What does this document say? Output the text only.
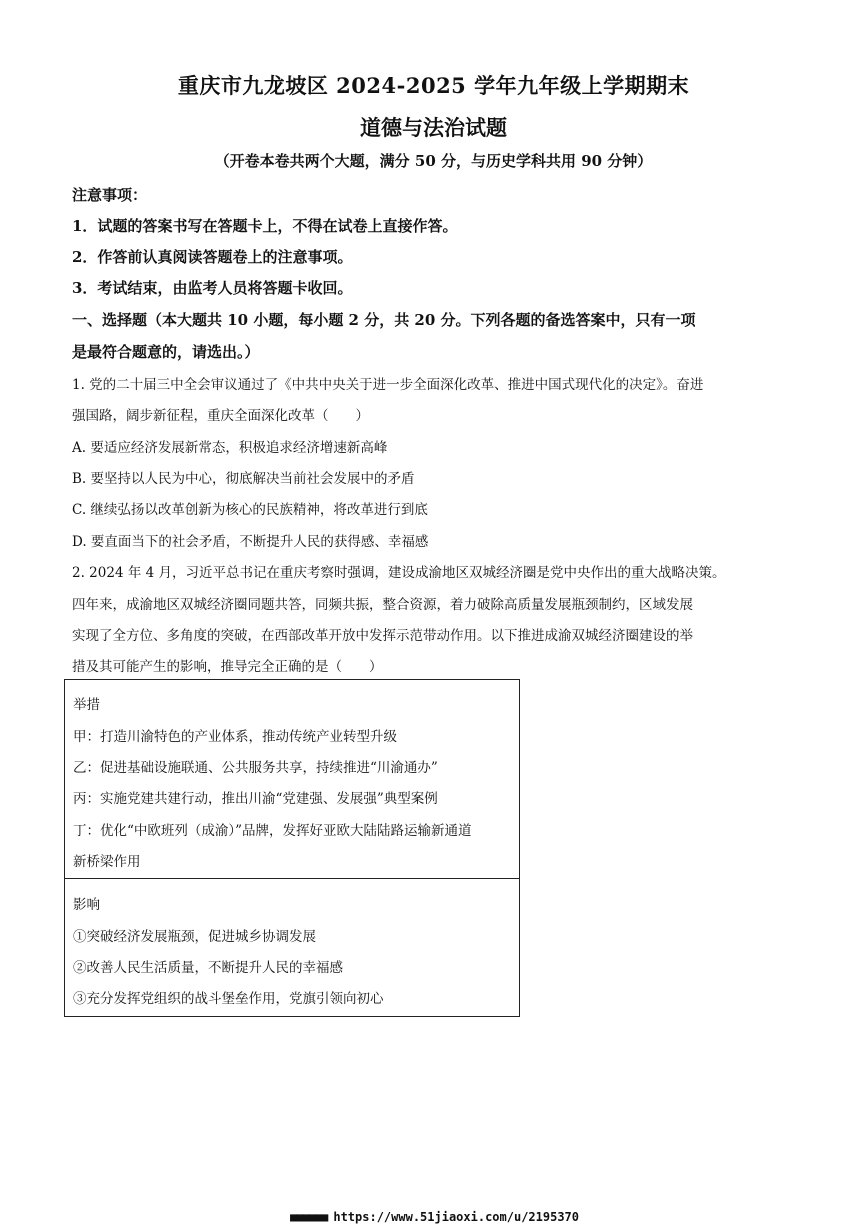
重庆市九龙坡区 2024-2025 学年九年级上学期期末
道德与法治试题
（开卷本卷共两个大题，满分 50 分，与历史学科共用 90 分钟）
注意事项：
1．试题的答案书写在答题卡上，不得在试卷上直接作答。
2．作答前认真阅读答题卷上的注意事项。
3．考试结束，由监考人员将答题卡收回。
一、选择题（本大题共 10 小题，每小题 2 分，共 20 分。下列各题的备选答案中，只有一项
是最符合题意的，请选出。）
1. 党的二十届三中全会审议通过了《中共中央关于进一步全面深化改革、推进中国式现代化的决定》。奋进
强国路，阔步新征程，重庆全面深化改革（　　）
A. 要适应经济发展新常态，积极追求经济增速新高峰
B. 要坚持以人民为中心，彻底解决当前社会发展中的矛盾
C. 继续弘扬以改革创新为核心的民族精神，将改革进行到底
D. 要直面当下的社会矛盾，不断提升人民的获得感、幸福感
2. 2024 年 4 月，习近平总书记在重庆考察时强调，建设成渝地区双城经济圈是党中央作出的重大战略决策。
四年来，成渝地区双城经济圈同题共答，同频共振，整合资源，着力破除高质量发展瓶颈制约，区域发展
实现了全方位、多角度的突破，在西部改革开放中发挥示范带动作用。以下推进成渝双城经济圈建设的举
措及其可能产生的影响，推导完全正确的是（　　）
举措
甲：打造川渝特色的产业体系，推动传统产业转型升级
乙：促进基础设施联通、公共服务共享，持续推进“川渝通办”
丙：实施党建共建行动，推出川渝“党建强、发展强”典型案例
丁：优化“中欧班列（成渝）”品牌，发挥好亚欧大陆陆路运输新通道
新桥梁作用
影响
①突破经济发展瓶颈，促进城乡协调发展
②改善人民生活质量，不断提升人民的幸福感
③充分发挥党组织的战斗堡垒作用，党旗引领向初心
■■■■■■ https://www.51jiaoxi.com/u/2195370
